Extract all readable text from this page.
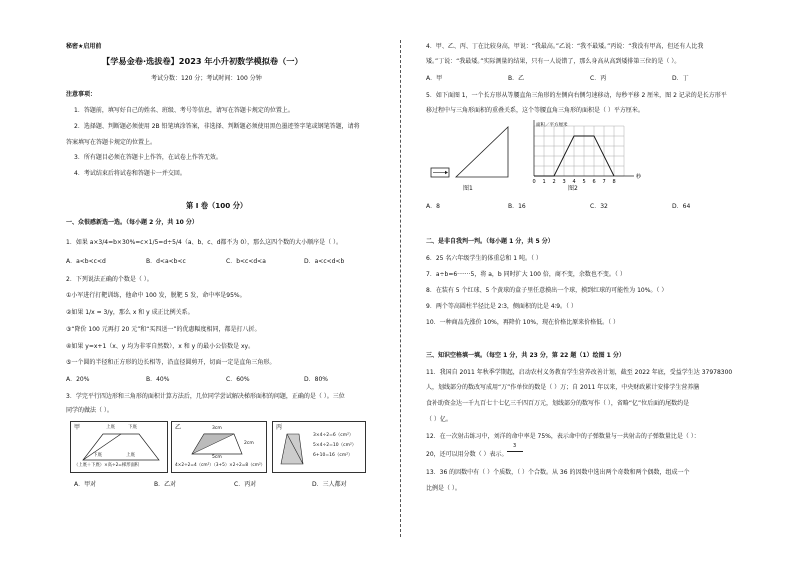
秘密★启用前
【学易金卷·选拔卷】2023 年小升初数学模拟卷（一）
考试分数：120 分；考试时间：100 分钟
注意事项：
1．答题前，填写好自己的姓名、班级、考号等信息，请写在答题卡规定的位置上。
2．选择题、判断题必须使用 2B 铅笔填涂答案，非选择、判断题必须使用黑色墨迹签字笔或钢笔答题，请将
答案填写在答题卡规定的位置上。
3．所有题目必须在答题卡上作答，在试卷上作答无效。
4．考试结束后将试卷和答题卡一并交回。
第 I 卷（100 分）
一、众很感新选一选。（每小题 2 分，共 10 分）
1．如果 a×3/4=b×30%=c×1/5=d÷5/4（a、b、c、d都不为 0），那么这四个数的大小顺序是（ ）。
A．a<b<c<d	B．d<a<b<c	C．b<c<d<a	D．a<c<d<b
2．下列说法正确的个数是（ ）。
①小军进行打靶训练，他命中 100 发，脱靶 5 发，命中率是95%。
②如果 1/x = 3/y，那么 x 和 y 成正比例关系。
③“降价 100 元再打 20 元”和“买四送一”的优惠幅度相同，都是打八折。
④如果 y=x+1（x、y 均为非零自然数），x 和 y 的最小公倍数是 xy。
⑤一个圆的半径和正方形的边长相等，沿直径圆剪开，切面一定是直角三角形。
A．20%	B．40%	C．60%	D．80%
3．学完平行四边形和三角形的面积计算方法后，几位同学尝试解决梯形面积的问题，正确的是（ ）。三位
同学的做法（ ）。
甲	上底	下底
下底	上底
（上底＋下底）×高÷2=梯形面积
乙	3cm
2cm
5cm
4×2÷2=4（cm²）（3+5）×2÷2=8（cm²）
丙
3×4÷2=6（cm²）
5×4÷2=10（cm²）
6+10=16（cm²）
A．甲对	B．乙对	C．丙对	D．三人都对
4．甲、乙、丙、丁在比较身高，甲说：“我最高。”乙说：“我不最矮。”丙说：“我没有甲高，但还有人比我
矮。”丁说：“我最矮。”实际测量的结果，只有一人说错了，那么身高从高到矮排第三位的是（ ）。
A．甲	B．乙	C．丙	D．丁
5．如下面图 1，一个长方形从等腰直角三角形的左侧向右侧匀速移动，每秒平移 2 厘米，图 2 记录的是长方形平
移过程中与三角形面积的重叠关系，这个等腰直角三角形的面积是（ ）平方厘米。
图1
0 1 2 3 4 5 6 7 8
面积／平方厘米
秒
图2
A．8	B．16	C．32	D．64
二、是非自我判一判。（每小题 1 分，共 5 分）
6．25 名六年级学生的体重总和 1 吨。（ ）
7．a÷b=6·······5，将 a，b 同时扩大 100 倍，商不变，余数也不变。（ ）
8．在装有 5 个红球、5 个黄球的盒子里任意摸出一个球，摸到红球的可能性为 10%。（ ）
9．两个等高圆柱半径比是 2∶3，侧面积的比是 4∶9。（ ）
10．一种商品先涨价 10%，再降价 10%，现在价格比原来价格低。（ ）
三、知识空格填一填。（每空 1 分，共 23 分，第 22 题（1）绘图 1 分）
11．我国自 2011 年秋季学期起，启动农村义务教育学生营养改善计划，截至 2022 年底，受益学生达 37978300
人，划线部分的数改写成用“万”作单位的数是（ ）万；自 2011 年以来，中央财政累计安排学生营养膳
食补助资金达一千九百七十七亿三千四百万元，划线部分的数写作（ ），省略“亿”位后面的尾数约是
（ ）亿。
12．在一次射击练习中，刘洋的命中率是 75%，表示命中的子弹数量与一共射击的子弹数量比是（ ）：
20，还可以用分数（ ）表示。
3
13．36 的因数中有（ ）个质数，（ ）个合数。从 36 的因数中选出两个奇数和两个偶数，组成一个
比例是（ ）。
